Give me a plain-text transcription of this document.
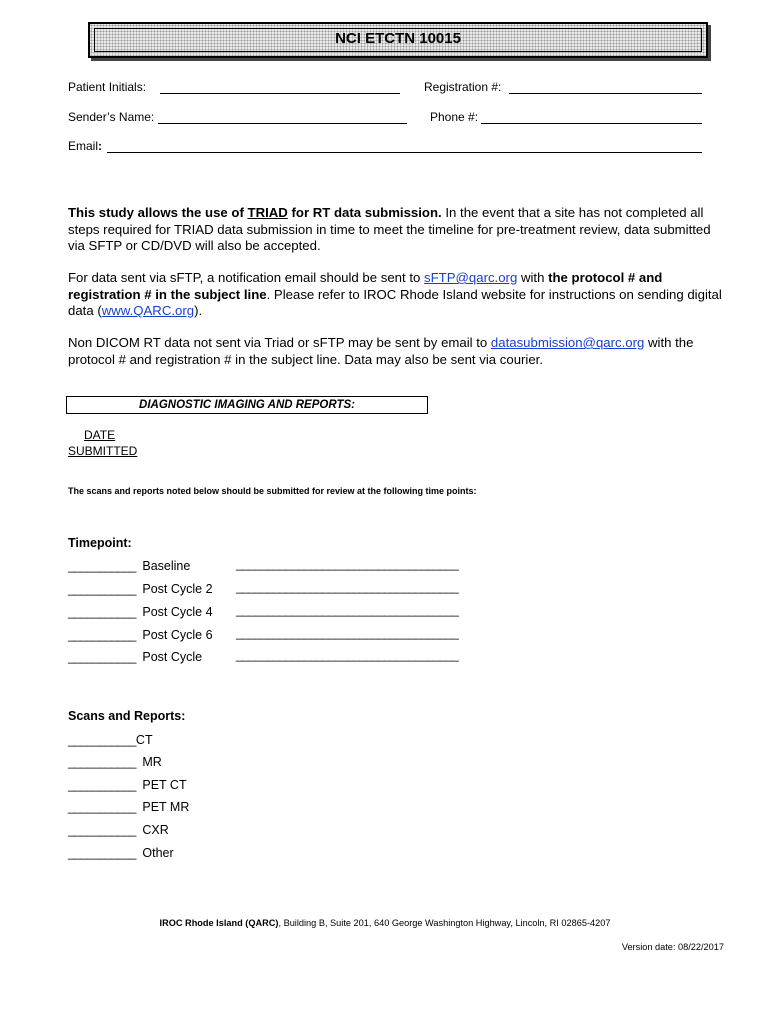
NCI ETCTN 10015
Patient Initials:	Registration #:
Sender’s Name:	Phone #:
Email:
This study allows the use of TRIAD for RT data submission. In the event that a site has not completed all steps required for TRIAD data submission in time to meet the timeline for pre-treatment review, data submitted via SFTP or CD/DVD will also be accepted.
For data sent via sFTP, a notification email should be sent to sFTP@qarc.org with the protocol # and registration # in the subject line. Please refer to IROC Rhode Island website for instructions on sending digital data (www.QARC.org).
Non DICOM RT data not sent via Triad or sFTP may be sent by email to datasubmission@qarc.org with the protocol # and registration # in the subject line. Data may also be sent via courier.
DIAGNOSTIC IMAGING AND REPORTS:
DATE
SUBMITTED
The scans and reports noted below should be submitted for review at the following time points:
Timepoint:
___________ Baseline	____________________________________
___________ Post Cycle 2 ____________________________________
___________ Post Cycle 4 ____________________________________
___________ Post Cycle 6 ____________________________________
___________ Post Cycle	____________________________________
Scans and Reports:
___________CT
___________ MR
___________ PET CT
___________ PET MR
___________ CXR
___________ Other
IROC Rhode Island (QARC), Building B, Suite 201, 640 George Washington Highway, Lincoln, RI 02865-4207
Version date: 08/22/2017
